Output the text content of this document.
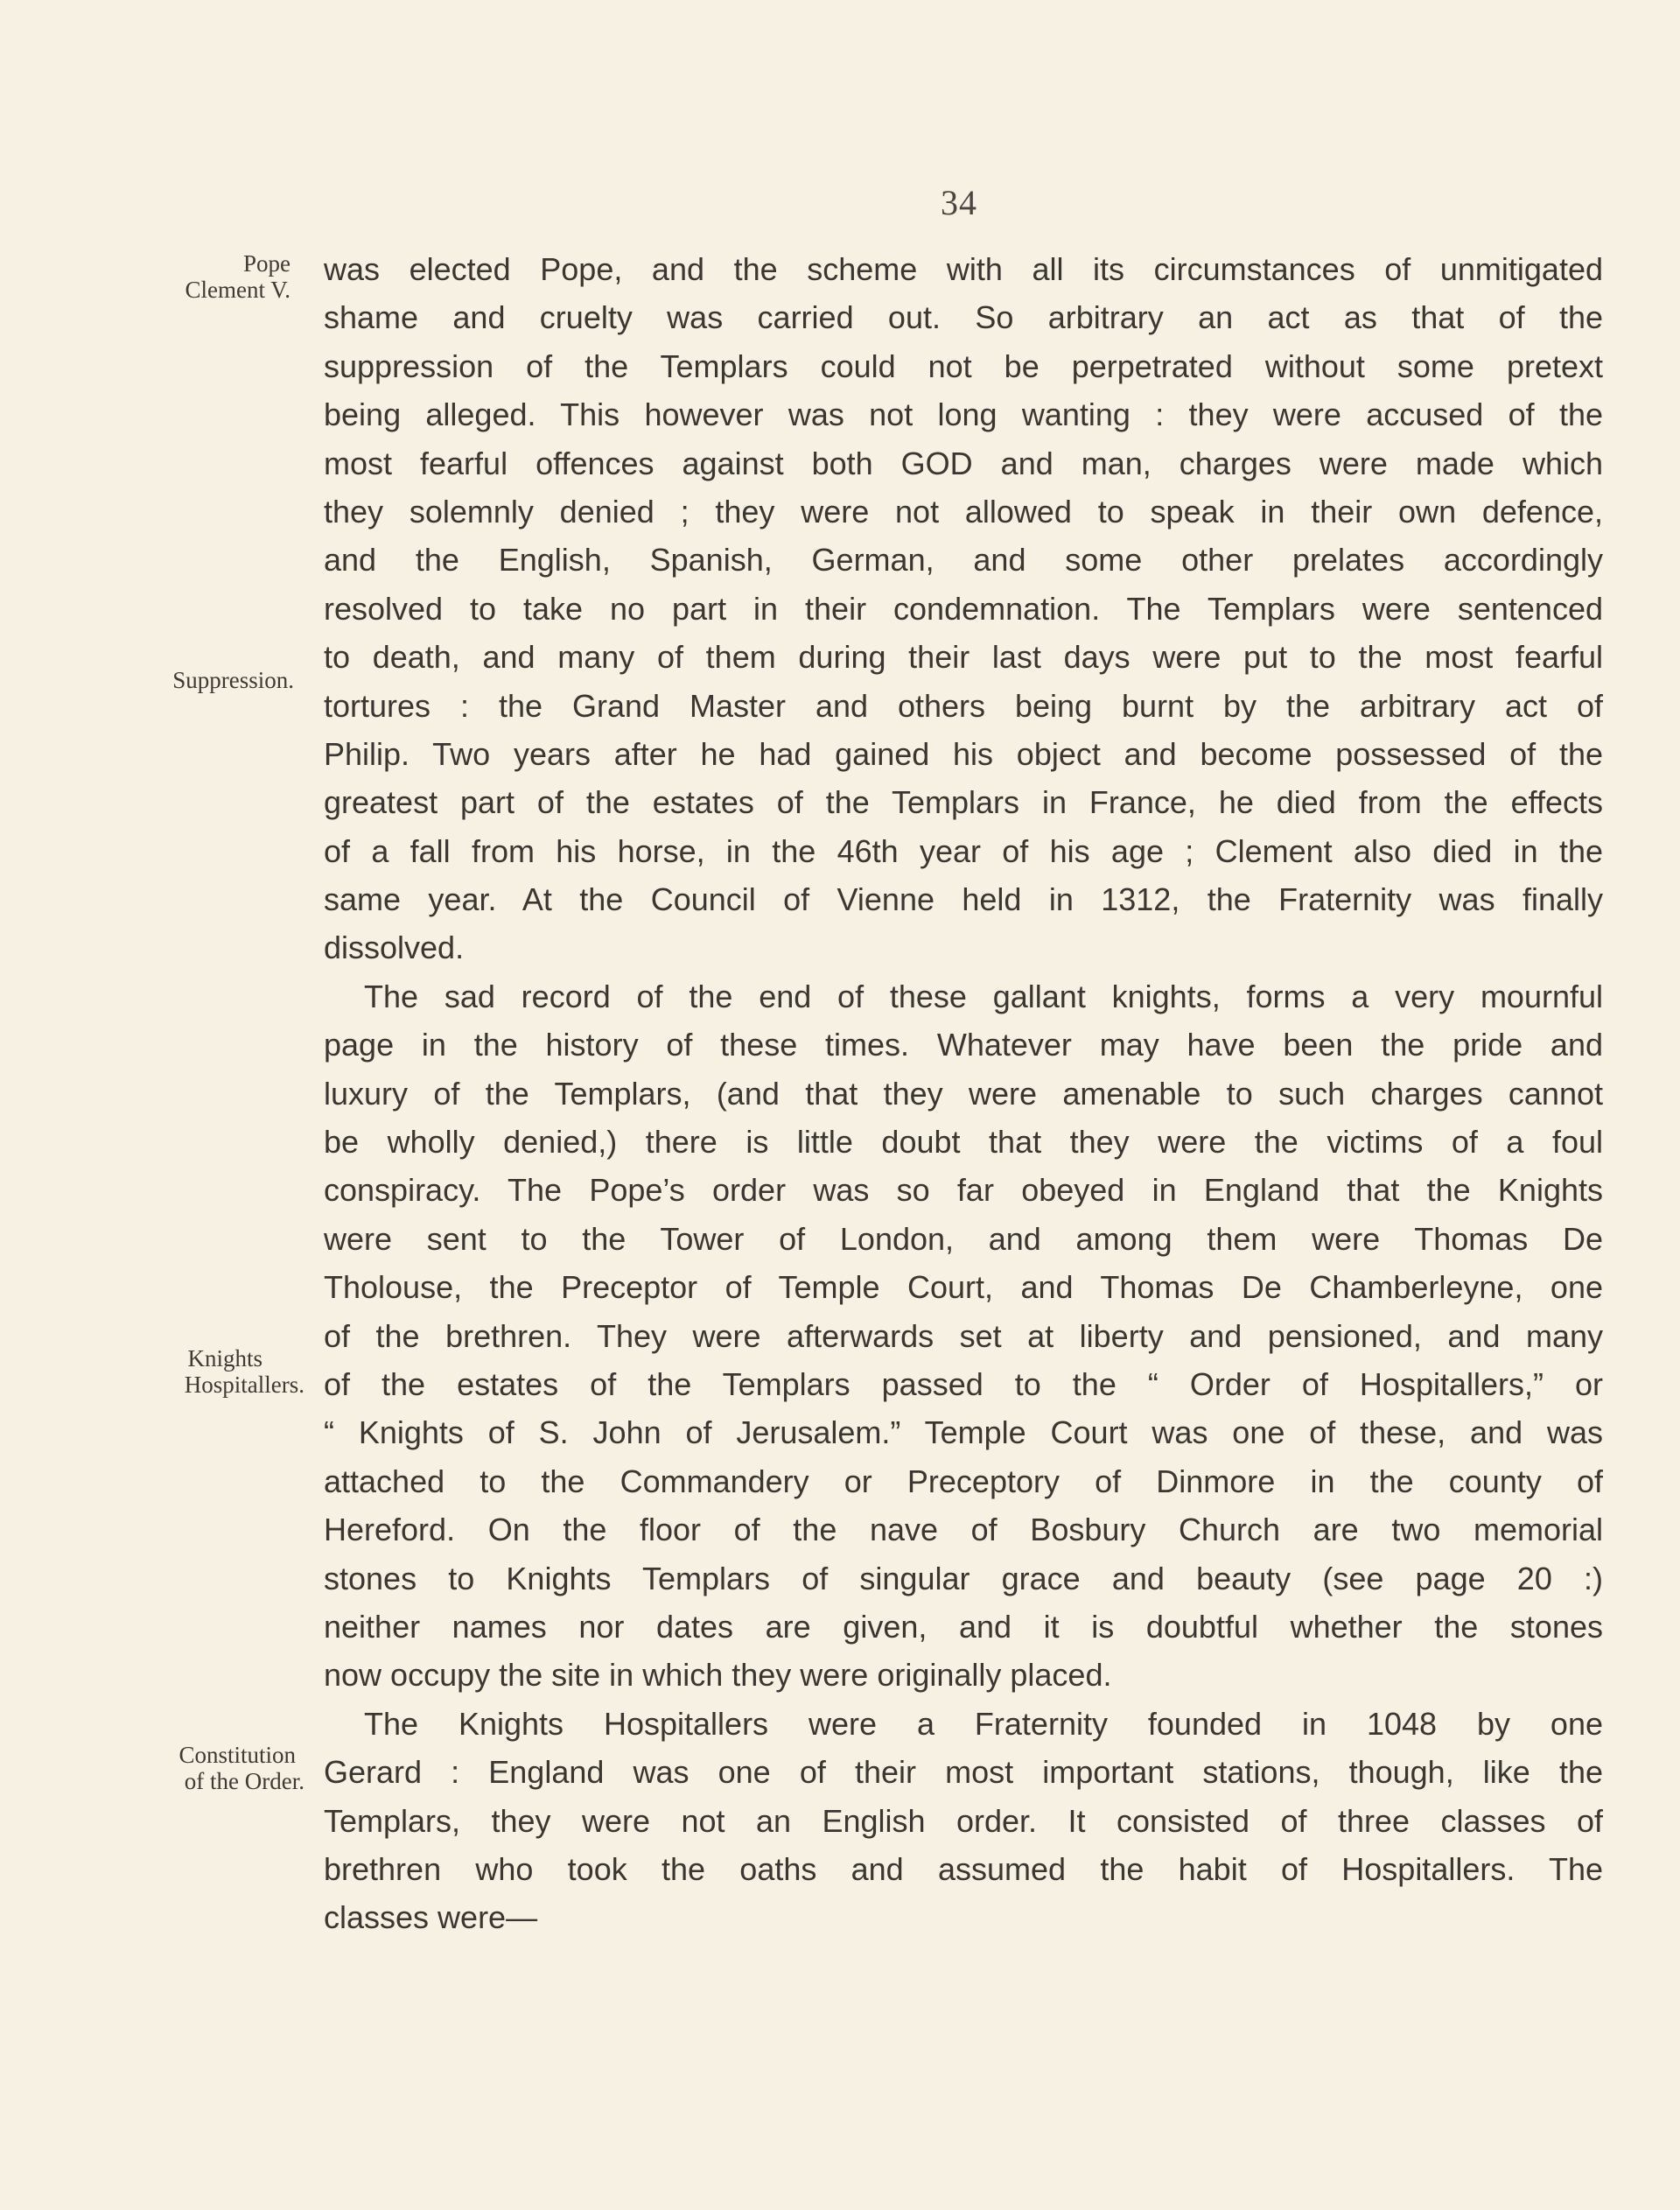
34
Pope
Clement V.
Suppression.
Knights
Hospitallers.
Constitution
of the Order.
was elected Pope, and the scheme with all its circumstances of unmitigated
shame and cruelty was carried out. So arbitrary an act as that of the
suppression of the Templars could not be perpetrated without some pretext
being alleged. This however was not long wanting : they were accused of the
most fearful offences against both GOD and man, charges were made which
they solemnly denied ; they were not allowed to speak in their own defence,
and the English, Spanish, German, and some other prelates accordingly
resolved to take no part in their condemnation. The Templars were sentenced
to death, and many of them during their last days were put to the most fearful
tortures : the Grand Master and others being burnt by the arbitrary act of
Philip. Two years after he had gained his object and become possessed of the
greatest part of the estates of the Templars in France, he died from the effects
of a fall from his horse, in the 46th year of his age ; Clement also died in the
same year. At the Council of Vienne held in 1312, the Fraternity was finally
dissolved.
The sad record of the end of these gallant knights, forms a very mournful
page in the history of these times. Whatever may have been the pride and
luxury of the Templars, (and that they were amenable to such charges cannot
be wholly denied,) there is little doubt that they were the victims of a foul
conspiracy. The Pope’s order was so far obeyed in England that the Knights
were sent to the Tower of London, and among them were Thomas De
Tholouse, the Preceptor of Temple Court, and Thomas De Chamberleyne, one
of the brethren. They were afterwards set at liberty and pensioned, and many
of the estates of the Templars passed to the “ Order of Hospitallers,” or
“ Knights of S. John of Jerusalem.” Temple Court was one of these, and was
attached to the Commandery or Preceptory of Dinmore in the county of
Hereford. On the floor of the nave of Bosbury Church are two memorial
stones to Knights Templars of singular grace and beauty (see page 20 :)
neither names nor dates are given, and it is doubtful whether the stones
now occupy the site in which they were originally placed.
The Knights Hospitallers were a Fraternity founded in 1048 by one
Gerard : England was one of their most important stations, though, like the
Templars, they were not an English order. It consisted of three classes of
brethren who took the oaths and assumed the habit of Hospitallers. The
classes were—
